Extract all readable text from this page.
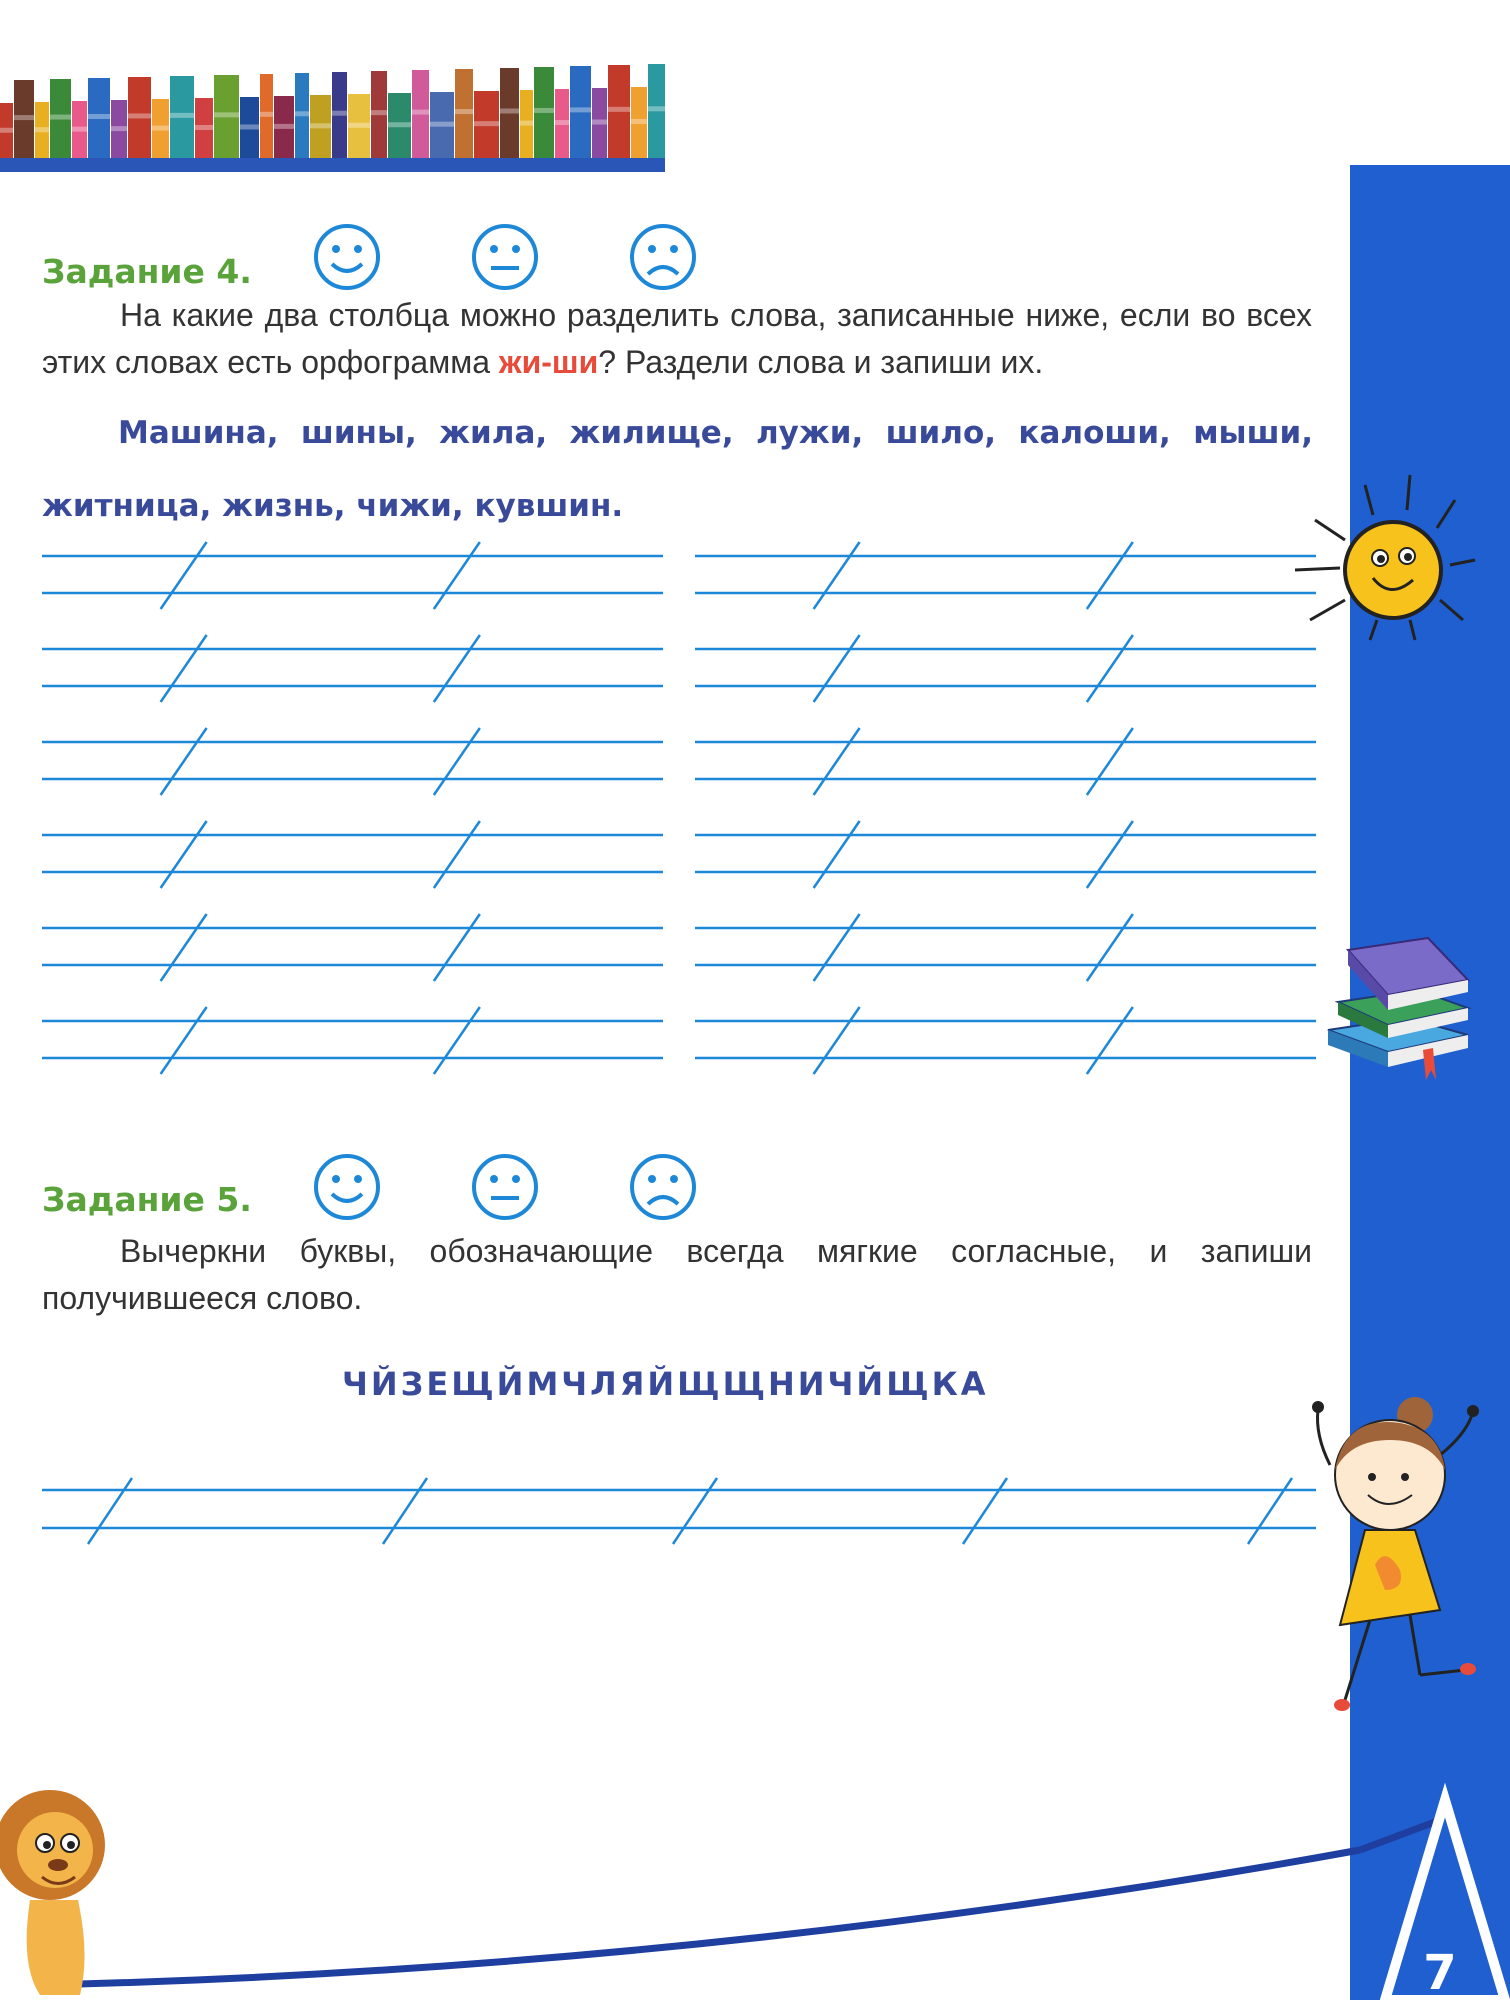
7
Задание 4.
На какие два столбца можно разделить слова, записанные ниже, если во всех этих словах есть орфограмма жи-ши? Раздели слова и запиши их.
Машина, шины, жила, жилище, лужи, шило, калоши, мыши,
житница, жизнь, чижи, кувшин.
Задание 5.
Вычеркни буквы, обозначающие всегда мягкие согласные, и запиши получившееся слово.
ЧЙЗЕЩЙМЧЛЯЙЩЩНИЧЙЩКА
